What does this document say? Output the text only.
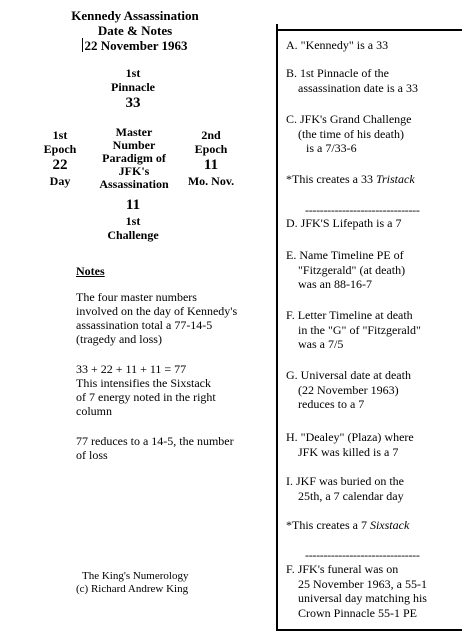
Kennedy Assassination
Date & Notes
22 November 1963
1st
Pinnacle
33
1st
Epoch
22
Day
Master
Number
Paradigm of
JFK's
Assassination
2nd
Epoch
11
Mo. Nov.
11
1st
Challenge
Notes
The four master numbers
involved on the day of Kennedy's
assassination total a 77-14-5
(tragedy and loss)
33 + 22 + 11 + 11 = 77
This intensifies the Sixstack
of 7 energy noted in the right
column
77 reduces to a 14-5, the number
of loss
The King's Numerology
(c) Richard Andrew King
A. "Kennedy" is a 33
B. 1st Pinnacle of the
assassination date is a 33
C. JFK's Grand Challenge
(the time of his death)
is a 7/33-6
*This creates a 33 Tristack
-------------------------------
D. JFK'S Lifepath is a 7
E. Name Timeline PE of
"Fitzgerald" (at death)
was an 88-16-7
F. Letter Timeline at death
in the "G" of "Fitzgerald"
was a 7/5
G. Universal date at death
(22 November 1963)
reduces to a 7
H. "Dealey" (Plaza) where
JFK was killed is a 7
I. JKF was buried on the
25th, a 7 calendar day
*This creates a 7 Sixstack
-------------------------------
F. JFK's funeral was on
25 November 1963, a 55-1
universal day matching his
Crown Pinnacle 55-1 PE
